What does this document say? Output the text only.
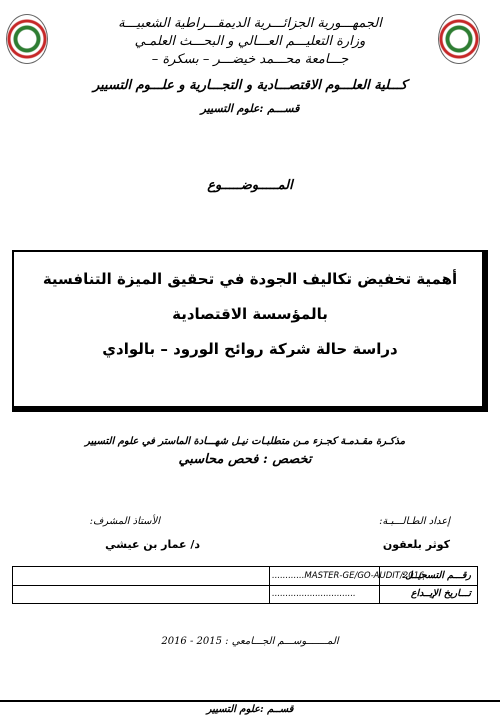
الجمهـــورية الجزائـــرية الديمقـــراطية الشعبيـــة
وزارة التعليـــم العـــالي و البحـــث العلمـي
جـــامعة محـــمد خيضـــر – بسكرة –
كـــلية العلـــوم الاقتصـــادية و التجـــارية و علـــوم التسيير
قســـم :علوم التسيير
المـــــوضـــــوع
أهمية تخفيض تكاليف الجودة في تحقيق الميزة التنافسية
بالمؤسسة الاقتصادية
دراسة حالة شركة روائح الورود – بالوادي
مذكـرة مقـدمـة كجـزء مـن متطلبـات نيـل شهـــادة الماستر في علوم التسيير
تخصص : فحص محاسبي
إعداد الطـالـــبـة:
كوثر بلعقون
الأستاذ المشرف:
د/ عمار بن عيشي
رقـــم التسجيــل:
............MASTER-GE/GO-AUDIT/2016
تـــاريخ الإيــداع
...............................
المـــــــوســـم الجـــامعي : 2015 - 2016
قســم :علوم التسيير
